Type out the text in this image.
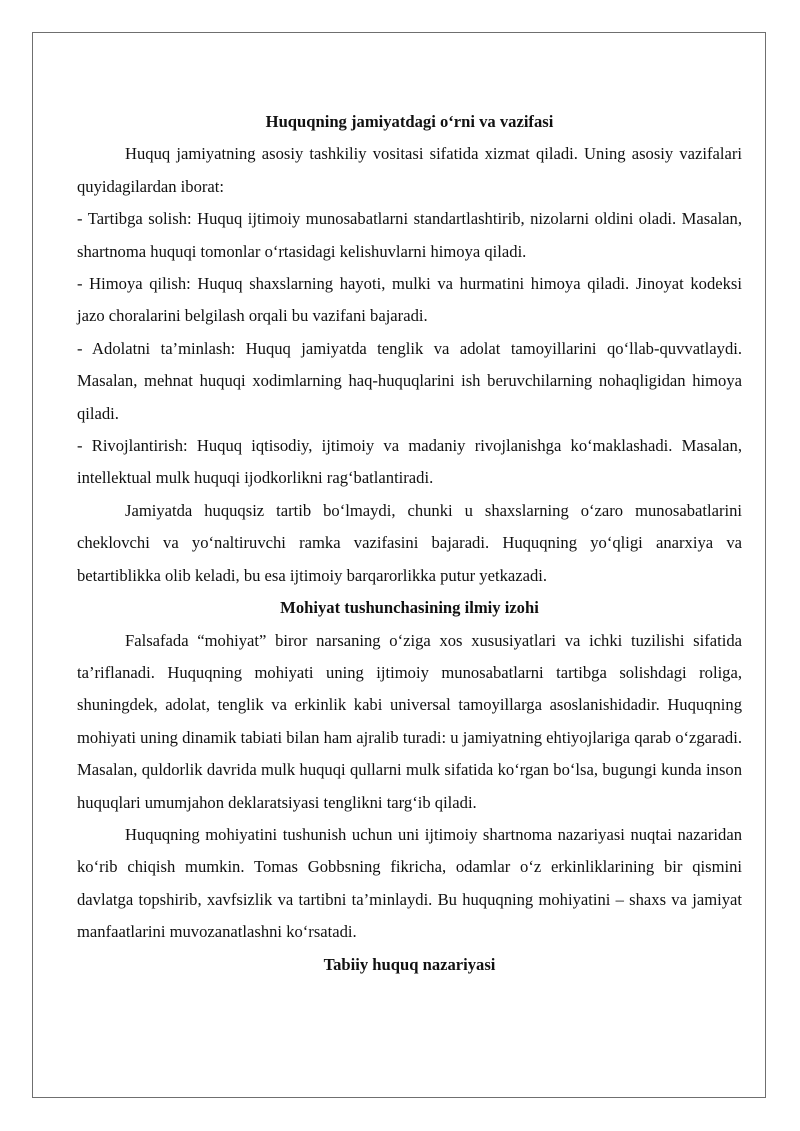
Huquqning jamiyatdagi o‘rni va vazifasi

Huquq jamiyatning asosiy tashkiliy vositasi sifatida xizmat qiladi. Uning asosiy vazifalari quyidagilardan iborat:

- Tartibga solish: Huquq ijtimoiy munosabatlarni standartlashtirib, nizolarni oldini oladi. Masalan, shartnoma huquqi tomonlar o‘rtasidagi kelishuvlarni himoya qiladi.

- Himoya qilish: Huquq shaxslarning hayoti, mulki va hurmatini himoya qiladi. Jinoyat kodeksi jazo choralarini belgilash orqali bu vazifani bajaradi.

- Adolatni ta’minlash: Huquq jamiyatda tenglik va adolat tamoyillarini qo‘llab-quvvatlaydi. Masalan, mehnat huquqi xodimlarning haq-huquqlarini ish beruvchilarning nohaqligidan himoya qiladi.

- Rivojlantirish: Huquq iqtisodiy, ijtimoiy va madaniy rivojlanishga ko‘maklashadi. Masalan, intellektual mulk huquqi ijodkorlikni rag‘batlantiradi.

Jamiyatda huquqsiz tartib bo‘lmaydi, chunki u shaxslarning o‘zaro munosabatlarini cheklovchi va yo‘naltiruvchi ramka vazifasini bajaradi. Huquqning yo‘qligi anarxiya va betartiblikka olib keladi, bu esa ijtimoiy barqarorlikka putur yetkazadi.

Mohiyat tushunchasining ilmiy izohi

Falsafada “mohiyat” biror narsaning o‘ziga xos xususiyatlari va ichki tuzilishi sifatida ta’riflanadi. Huquqning mohiyati uning ijtimoiy munosabatlarni tartibga solishdagi roliga, shuningdek, adolat, tenglik va erkinlik kabi universal tamoyillarga asoslanishidadir. Huquqning mohiyati uning dinamik tabiati bilan ham ajralib turadi: u jamiyatning ehtiyojlariga qarab o‘zgaradi. Masalan, quldorlik davrida mulk huquqi qullarni mulk sifatida ko‘rgan bo‘lsa, bugungi kunda inson huquqlari umumjahon deklaratsiyasi tenglikni targ‘ib qiladi.

Huquqning mohiyatini tushunish uchun uni ijtimoiy shartnoma nazariyasi nuqtai nazaridan ko‘rib chiqish mumkin. Tomas Gobbsning fikricha, odamlar o‘z erkinliklarining bir qismini davlatga topshirib, xavfsizlik va tartibni ta’minlaydi. Bu huquqning mohiyatini – shaxs va jamiyat manfaatlarini muvozanatlashni ko‘rsatadi.

Tabiiy huquq nazariyasi
